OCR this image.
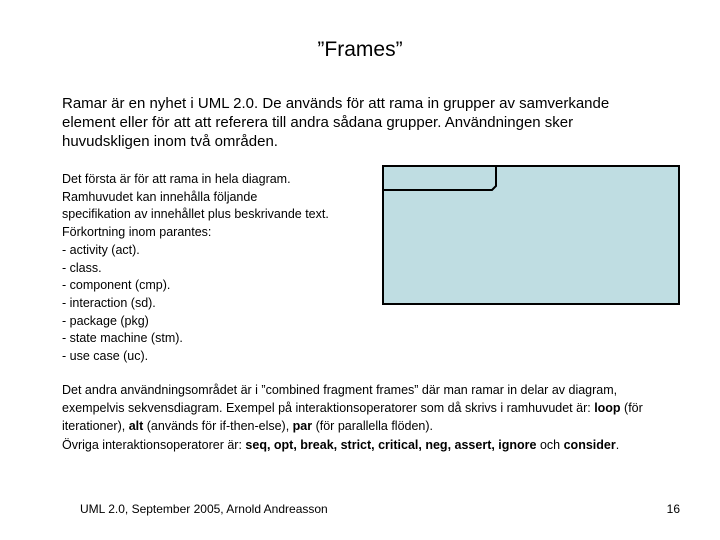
”Frames”

Ramar är en nyhet i UML 2.0. De används för att rama in grupper av samverkande element eller för att att referera till andra sådana grupper. Användningen sker huvudskligen inom två områden.

Det första är för att rama in hela diagram.
Ramhuvudet kan innehålla följande
specifikation av innehållet plus beskrivande text.
Förkortning inom parantes:
- activity (act).
- class.
- component (cmp).
- interaction (sd).
- package (pkg)
- state machine (stm).
- use case (uc).

Det andra användningsområdet är i ”combined fragment frames” där man ramar in delar av diagram, exempelvis sekvensdiagram. Exempel på interaktionsoperatorer som då skrivs i ramhuvudet är: loop (för iterationer), alt (används för if-then-else), par (för parallella flöden).
Övriga interaktionsoperatorer är: seq, opt, break, strict, critical, neg, assert, ignore och consider.

UML 2.0, September 2005, Arnold Andreasson	16
